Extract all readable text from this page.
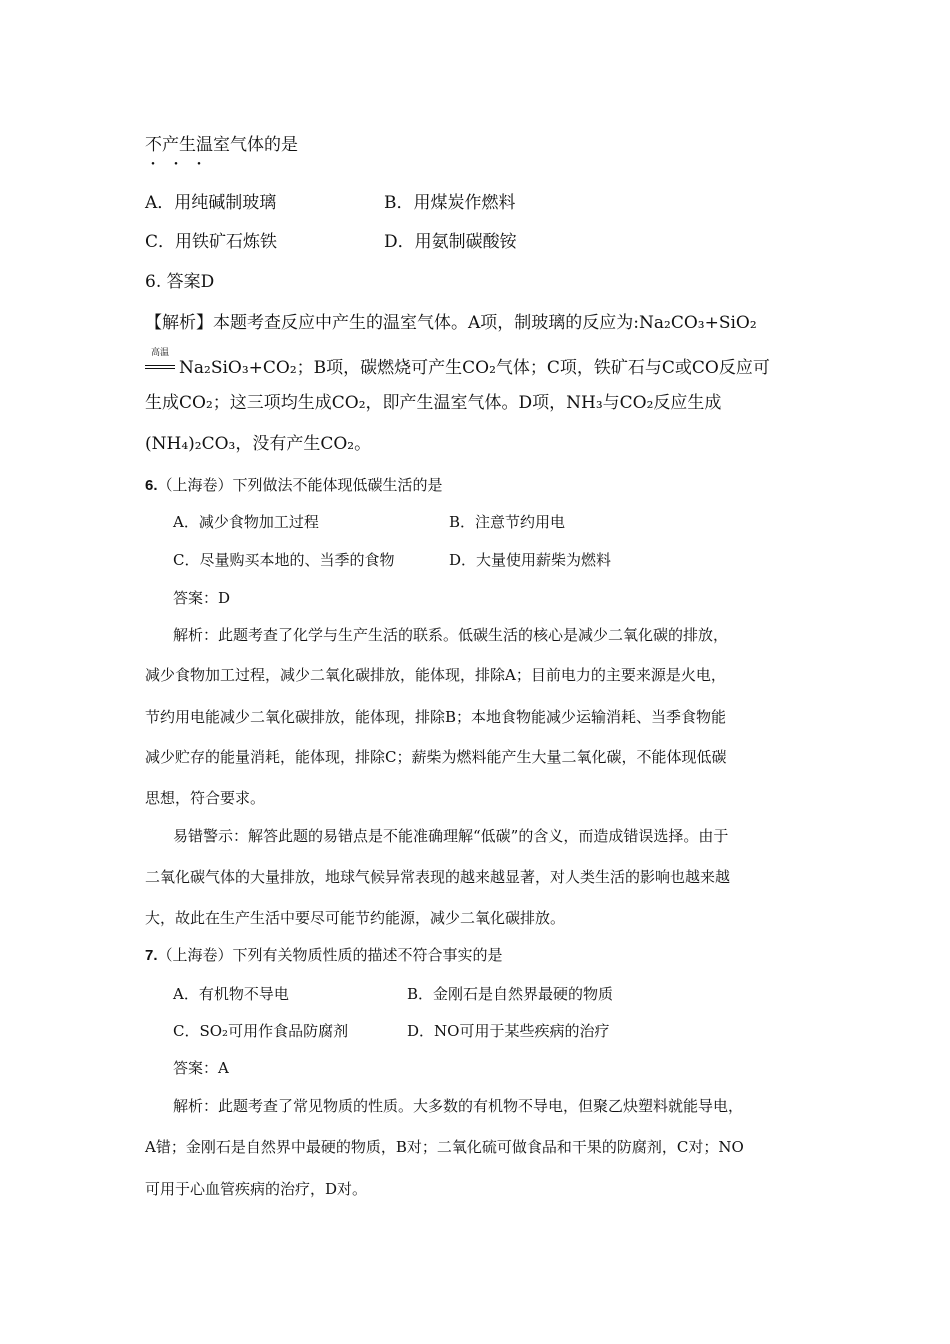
不产生温室气体的是
・・・
A．用纯碱制玻璃	B．用煤炭作燃料
C．用铁矿石炼铁	D．用氨制碳酸铵
6. 答案D
【解析】本题考查反应中产生的温室气体。A项，制玻璃的反应为:Na₂CO₃+SiO₂
高温
Na₂SiO₃+CO₂；B项，碳燃烧可产生CO₂气体；C项，铁矿石与C或CO反应可
生成CO₂；这三项均生成CO₂，即产生温室气体。D项，NH₃与CO₂反应生成
(NH₄)₂CO₃，没有产生CO₂。
6.（上海卷）下列做法不能体现低碳生活的是
A．减少食物加工过程	B．注意节约用电
C．尽量购买本地的、当季的食物	D．大量使用薪柴为燃料
答案：D
解析：此题考查了化学与生产生活的联系。低碳生活的核心是减少二氧化碳的排放，
减少食物加工过程，减少二氧化碳排放，能体现，排除A；目前电力的主要来源是火电，
节约用电能减少二氧化碳排放，能体现，排除B；本地食物能减少运输消耗、当季食物能
减少贮存的能量消耗，能体现，排除C；薪柴为燃料能产生大量二氧化碳，不能体现低碳
思想，符合要求。
易错警示：解答此题的易错点是不能准确理解“低碳”的含义，而造成错误选择。由于
二氧化碳气体的大量排放，地球气候异常表现的越来越显著，对人类生活的影响也越来越
大，故此在生产生活中要尽可能节约能源，减少二氧化碳排放。
7.（上海卷）下列有关物质性质的描述不符合事实的是
A．有机物不导电	B．金刚石是自然界最硬的物质
C．SO₂可用作食品防腐剂	D．NO可用于某些疾病的治疗
答案：A
解析：此题考查了常见物质的性质。大多数的有机物不导电，但聚乙炔塑料就能导电，
A错；金刚石是自然界中最硬的物质，B对；二氧化硫可做食品和干果的防腐剂，C对；NO
可用于心血管疾病的治疗，D对。
